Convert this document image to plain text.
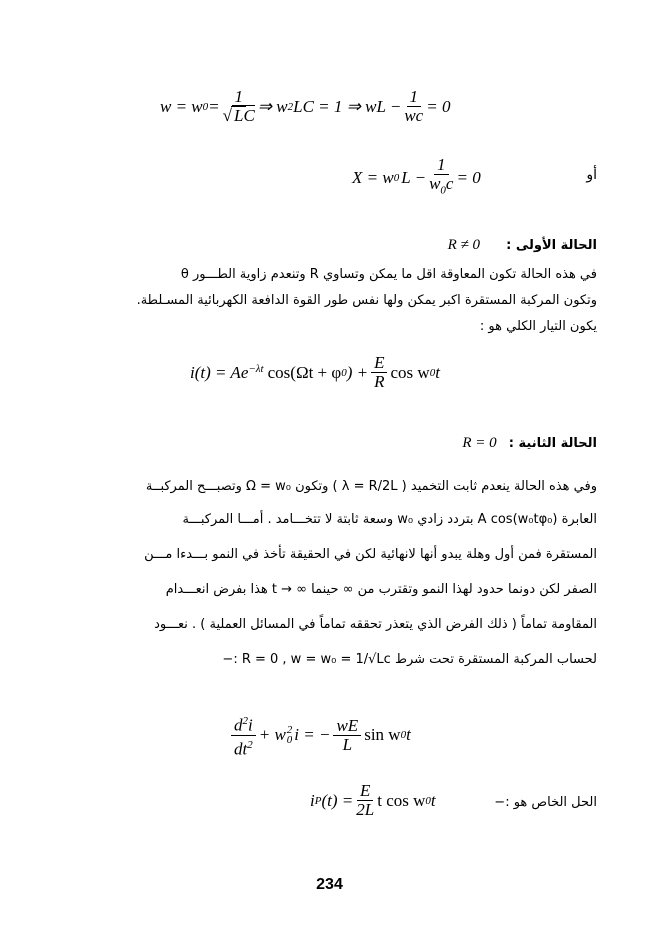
w = w $0 = \frac{1}{√ LC}$ ⇒ w 2 LC = 1 ⇒ wL − $\frac{1}{wc} = 0$
X = w 0 $L - \frac{1}{w_0c} = 0$	أو
الحالة الأولى : R ≠ 0
في هذه الحالة تكون المعاوقة اقل ما يمكن وتساوي R وتنعدم زاوية الطـــور θ
وتكون المركبة المستقرة اكبر يمكن ولها نفس طور القوة الدافعة الكهربائية المسـلطة.
يكون التيار الكلي هو :
$i(t) = Ae^{-\lambda t}$ cos(Ωt + φ 0 ) + $\frac{E}{R}$ cos w 0 t
الحالة الثانية : R = 0
وفي هذه الحالة ينعدم ثابت التخميد ( λ = R/2L ) وتكون Ω = w₀ وتصبـــح المركبــة
العابرة A cos(w₀tφ₀) بتردد زادي w₀ وسعة ثابتة لا تتخـــامد . أمـــا المركبـــة
المستقرة فمن أول وهلة يبدو أنها لانهائية لكن في الحقيقة تأخذ في النمو بـــدءا مـــن
الصفر لكن دونما حدود لهذا النمو وتقترب من ∞ حينما ∞ → t هذا بفرض انعـــدام
المقاومة تماماً ( ذلك الفرض الذي يتعذر تحققه تماماً في المسائل العملية ) . نعـــود
لحساب المركبة المستقرة تحت شرط R = 0 , w = w₀ = 1/√Lc :−
$\frac{d^2i}{dt^2} + w$ 2
0 i = − $\frac{wE}{L}$ sin w 0 t
i P $(t) = \frac{E}{2L}$ t cos w 0 t	الحل الخاص هو :−
234
